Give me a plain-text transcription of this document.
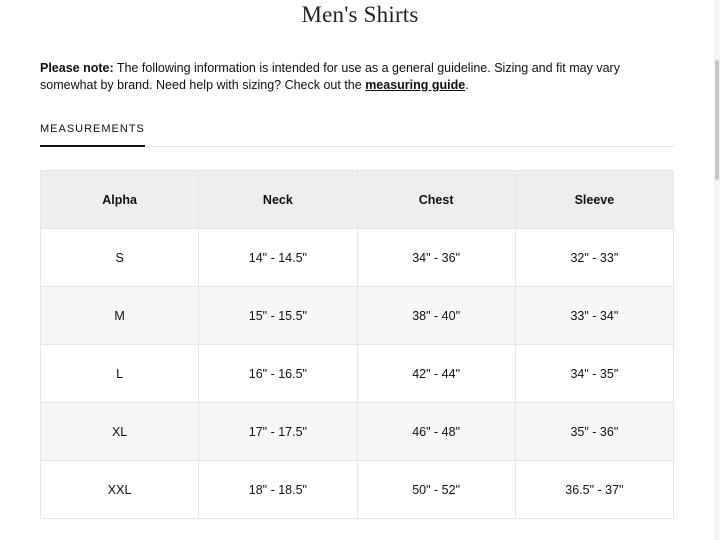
Men's Shirts
Please note: The following information is intended for use as a general guideline. Sizing and fit may vary somewhat by brand. Need help with sizing? Check out the measuring guide.
MEASUREMENTS
Alpha	Neck	Chest	Sleeve
S	14" - 14.5"	34" - 36"	32" - 33"
M	15" - 15.5"	38" - 40"	33" - 34"
L	16" - 16.5"	42" - 44"	34" - 35"
XL	17" - 17.5"	46" - 48"	35" - 36"
XXL	18" - 18.5"	50" - 52"	36.5" - 37"
